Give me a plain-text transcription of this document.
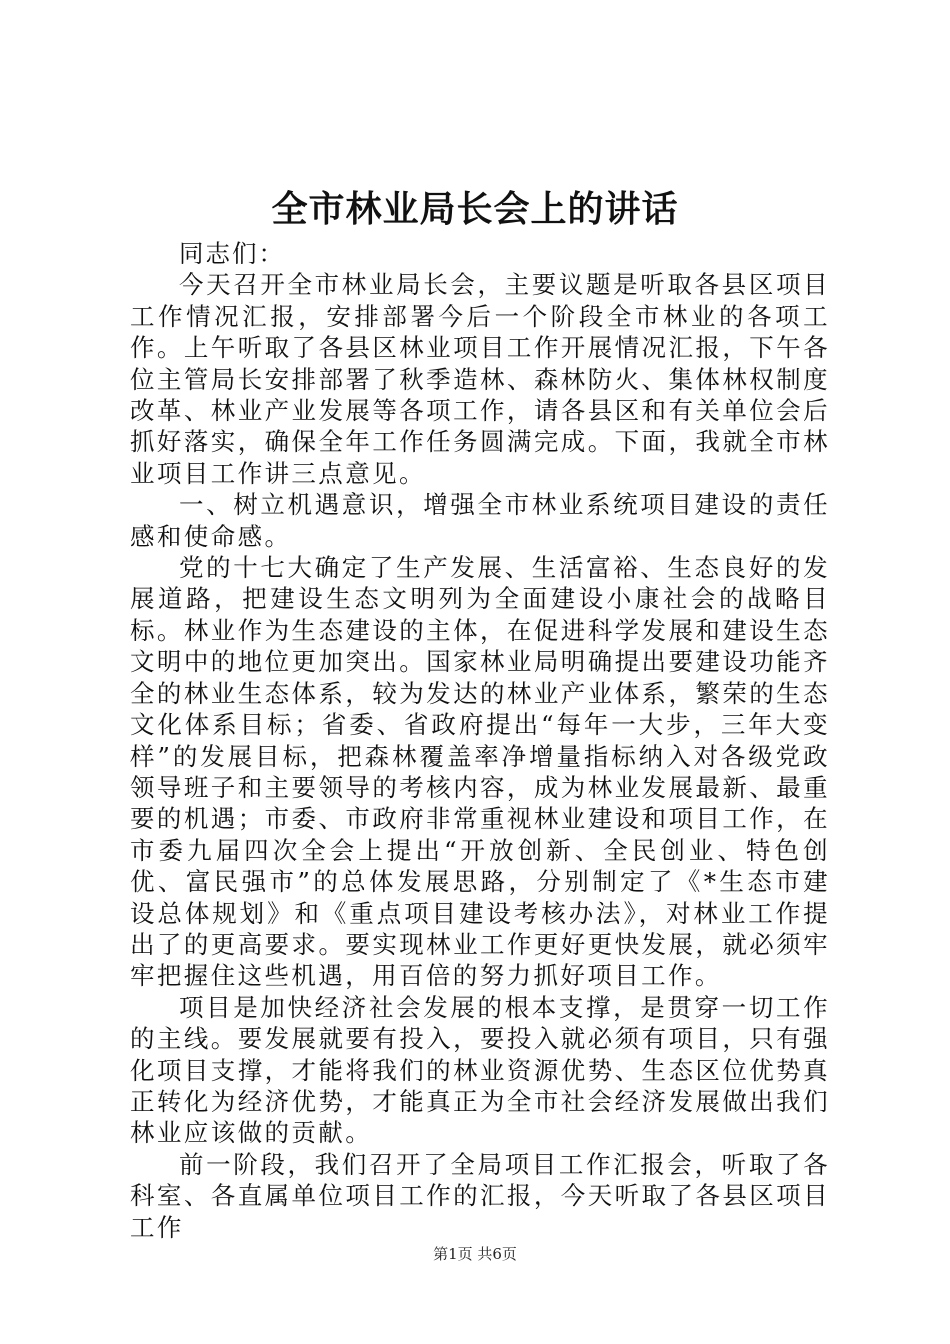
全市林业局长会上的讲话

同志们：

今天召开全市林业局长会，主要议题是听取各县区项目工作情况汇报，安排部署今后一个阶段全市林业的各项工作。上午听取了各县区林业项目工作开展情况汇报，下午各位主管局长安排部署了秋季造林、森林防火、集体林权制度改革、林业产业发展等各项工作，请各县区和有关单位会后抓好落实，确保全年工作任务圆满完成。下面，我就全市林业项目工作讲三点意见。

一、树立机遇意识，增强全市林业系统项目建设的责任感和使命感。

党的十七大确定了生产发展、生活富裕、生态良好的发展道路，把建设生态文明列为全面建设小康社会的战略目标。林业作为生态建设的主体，在促进科学发展和建设生态文明中的地位更加突出。国家林业局明确提出要建设功能齐全的林业生态体系，较为发达的林业产业体系，繁荣的生态文化体系目标；省委、省政府提出“每年一大步，三年大变样”的发展目标，把森林覆盖率净增量指标纳入对各级党政领导班子和主要领导的考核内容，成为林业发展最新、最重要的机遇；市委、市政府非常重视林业建设和项目工作，在市委九届四次全会上提出“开放创新、全民创业、特色创优、富民强市”的总体发展思路，分别制定了《*生态市建设总体规划》和《重点项目建设考核办法》，对林业工作提出了的更高要求。要实现林业工作更好更快发展，就必须牢牢把握住这些机遇，用百倍的努力抓好项目工作。

项目是加快经济社会发展的根本支撑，是贯穿一切工作的主线。要发展就要有投入，要投入就必须有项目，只有强化项目支撑，才能将我们的林业资源优势、生态区位优势真正转化为经济优势，才能真正为全市社会经济发展做出我们林业应该做的贡献。

前一阶段，我们召开了全局项目工作汇报会，听取了各科室、各直属单位项目工作的汇报，今天听取了各县区项目工作

第1页 共6页
